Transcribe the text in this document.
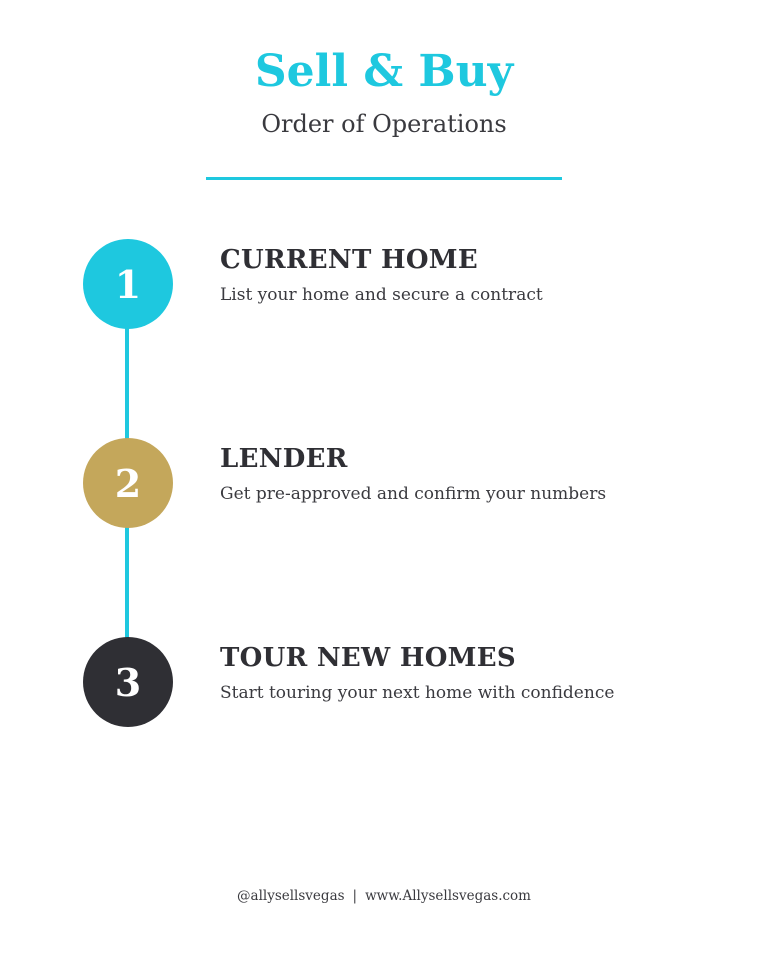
Sell & Buy
Order of Operations
1
CURRENT HOME
List your home and secure a contract
2
LENDER
Get pre-approved and confirm your numbers
3
TOUR NEW HOMES
Start touring your next home with confidence
@allysellsvegas | www.Allysellsvegas.com
